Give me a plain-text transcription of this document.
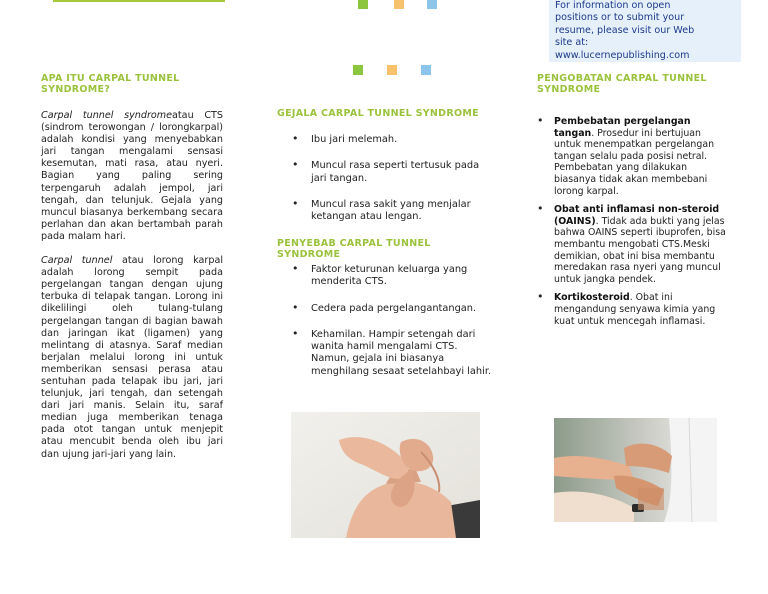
For information on open
positions or to submit your
resume, please visit our Web
site at:
www.lucernepublishing.com
APA ITU CARPAL TUNNEL SYNDROME?

Carpal tunnel syndromeatau CTS (sindrom terowongan / lorongkarpal) adalah kondisi yang menyebabkan jari tangan mengalami sensasi kesemutan, mati rasa, atau nyeri. Bagian yang paling sering terpengaruh adalah jempol, jari tengah, dan telunjuk. Gejala yang muncul biasanya berkembang secara perlahan dan akan bertambah parah pada malam hari.

Carpal tunnel atau lorong karpal adalah lorong sempit pada pergelangan tangan dengan ujung terbuka di telapak tangan. Lorong ini dikelilingi oleh tulang-tulang pergelangan tangan di bagian bawah dan jaringan ikat (ligamen) yang melintang di atasnya. Saraf median berjalan melalui lorong ini untuk memberikan sensasi perasa atau sentuhan pada telapak ibu jari, jari telunjuk, jari tengah, dan setengah dari jari manis. Selain itu, saraf median juga memberikan tenaga pada otot tangan untuk menjepit atau mencubit benda oleh ibu jari dan ujung jari-jari yang lain.

GEJALA CARPAL TUNNEL SYNDROME
• Ibu jari melemah.
• Muncul rasa seperti tertusuk pada jari tangan.
• Muncul rasa sakit yang menjalar ketangan atau lengan.
PENYEBAB CARPAL TUNNEL SYNDROME
• Faktor keturunan keluarga yang menderita CTS.
• Cedera pada pergelangantangan.
• Kehamilan. Hampir setengah dari wanita hamil mengalami CTS. Namun, gejala ini biasanya menghilang sesaat setelahbayi lahir.
PENGOBATAN CARPAL TUNNEL SYNDROME
• Pembebatan pergelangan tangan. Prosedur ini bertujuan untuk menempatkan pergelangan tangan selalu pada posisi netral. Pembebatan yang dilakukan biasanya tidak akan membebani lorong karpal.
• Obat anti inflamasi non-steroid (OAINS). Tidak ada bukti yang jelas bahwa OAINS seperti ibuprofen, bisa membantu mengobati CTS.Meski demikian, obat ini bisa membantu meredakan rasa nyeri yang muncul untuk jangka pendek.
• Kortikosteroid. Obat ini mengandung senyawa kimia yang kuat untuk mencegah inflamasi.
